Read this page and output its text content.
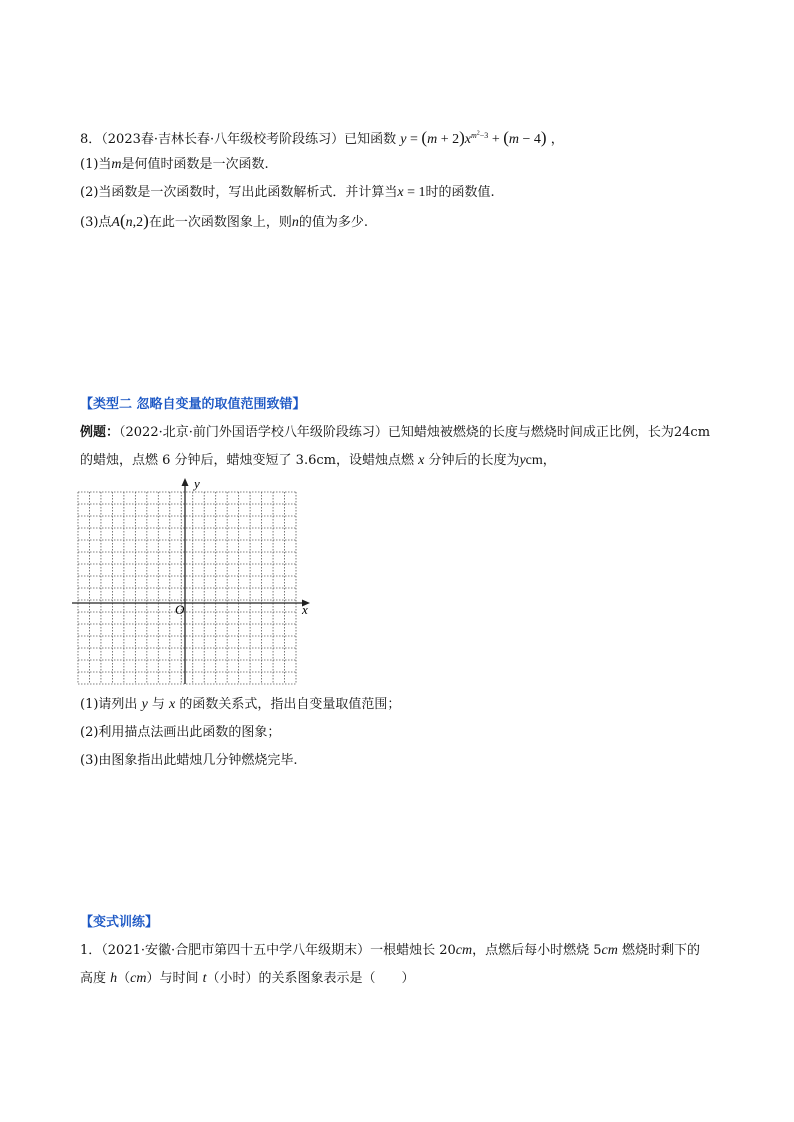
8．（2023春·吉林长春·八年级校考阶段练习）已知函数 $y = (m + 2)x^{m^2-3} + (m - 4)$ ，
(1)当m是何值时函数是一次函数.
(2)当函数是一次函数时，写出此函数解析式．并计算当x = 1时的函数值.
(3)点A(n,2)在此一次函数图象上，则n的值为多少.
【类型二 忽略自变量的取值范围致错】
例题：（2022·北京·前门外国语学校八年级阶段练习）已知蜡烛被燃烧的长度与燃烧时间成正比例，长为24cm
的蜡烛，点燃 6 分钟后，蜡烛变短了 3.6cm，设蜡烛点燃 x 分钟后的长度为ycm，
O	x
y
(1)请列出 y 与 x 的函数关系式，指出自变量取值范围；
(2)利用描点法画出此函数的图象；
(3)由图象指出此蜡烛几分钟燃烧完毕.
【变式训练】
1．（2021·安徽·合肥市第四十五中学八年级期末）一根蜡烛长 20cm，点燃后每小时燃烧 5cm 燃烧时剩下的
高度 h（cm）与时间 t（小时）的关系图象表示是（　　）
